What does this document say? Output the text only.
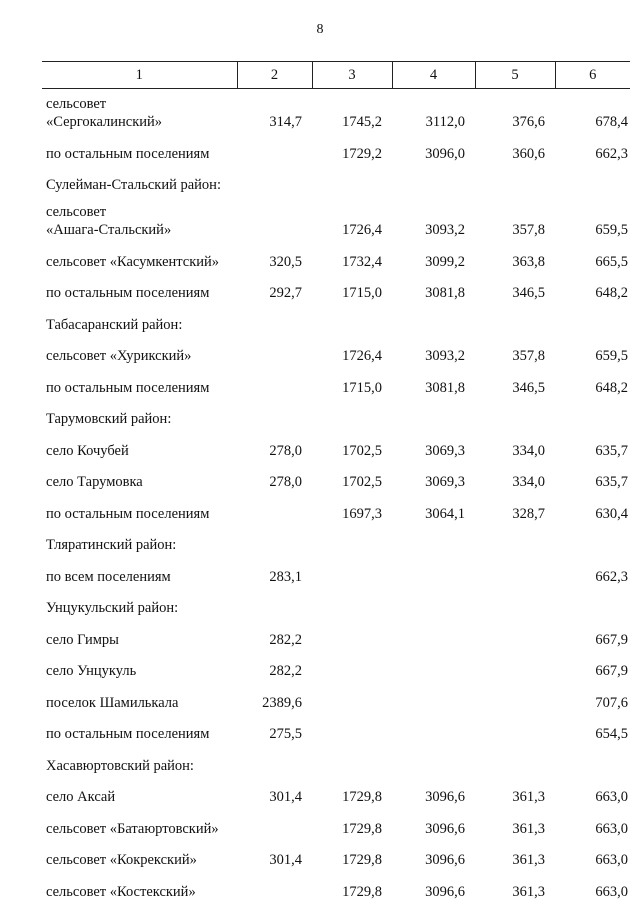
8
1	2	3	4	5	6
сельсовет
«Сергокалинский»	314,7	1745,2	3112,0	376,6	678,4
по остальным поселениям		1729,2	3096,0	360,6	662,3
Сулейман-Стальский район:					
сельсовет
«Ашага-Стальский»		1726,4	3093,2	357,8	659,5
сельсовет «Касумкентский»	320,5	1732,4	3099,2	363,8	665,5
по остальным поселениям	292,7	1715,0	3081,8	346,5	648,2
Табасаранский район:					
сельсовет «Хурикский»		1726,4	3093,2	357,8	659,5
по остальным поселениям		1715,0	3081,8	346,5	648,2
Тарумовский район:					
село Кочубей	278,0	1702,5	3069,3	334,0	635,7
село Тарумовка	278,0	1702,5	3069,3	334,0	635,7
по остальным поселениям		1697,3	3064,1	328,7	630,4
Тляратинский район:					
по всем поселениям	283,1				662,3
Унцукульский район:					
село Гимры	282,2				667,9
село Унцукуль	282,2				667,9
поселок Шамилькала	2389,6				707,6
по остальным поселениям	275,5				654,5
Хасавюртовский район:					
село Аксай	301,4	1729,8	3096,6	361,3	663,0
сельсовет «Батаюртовский»		1729,8	3096,6	361,3	663,0
сельсовет «Кокрекский»	301,4	1729,8	3096,6	361,3	663,0
сельсовет «Костекский»		1729,8	3096,6	361,3	663,0
